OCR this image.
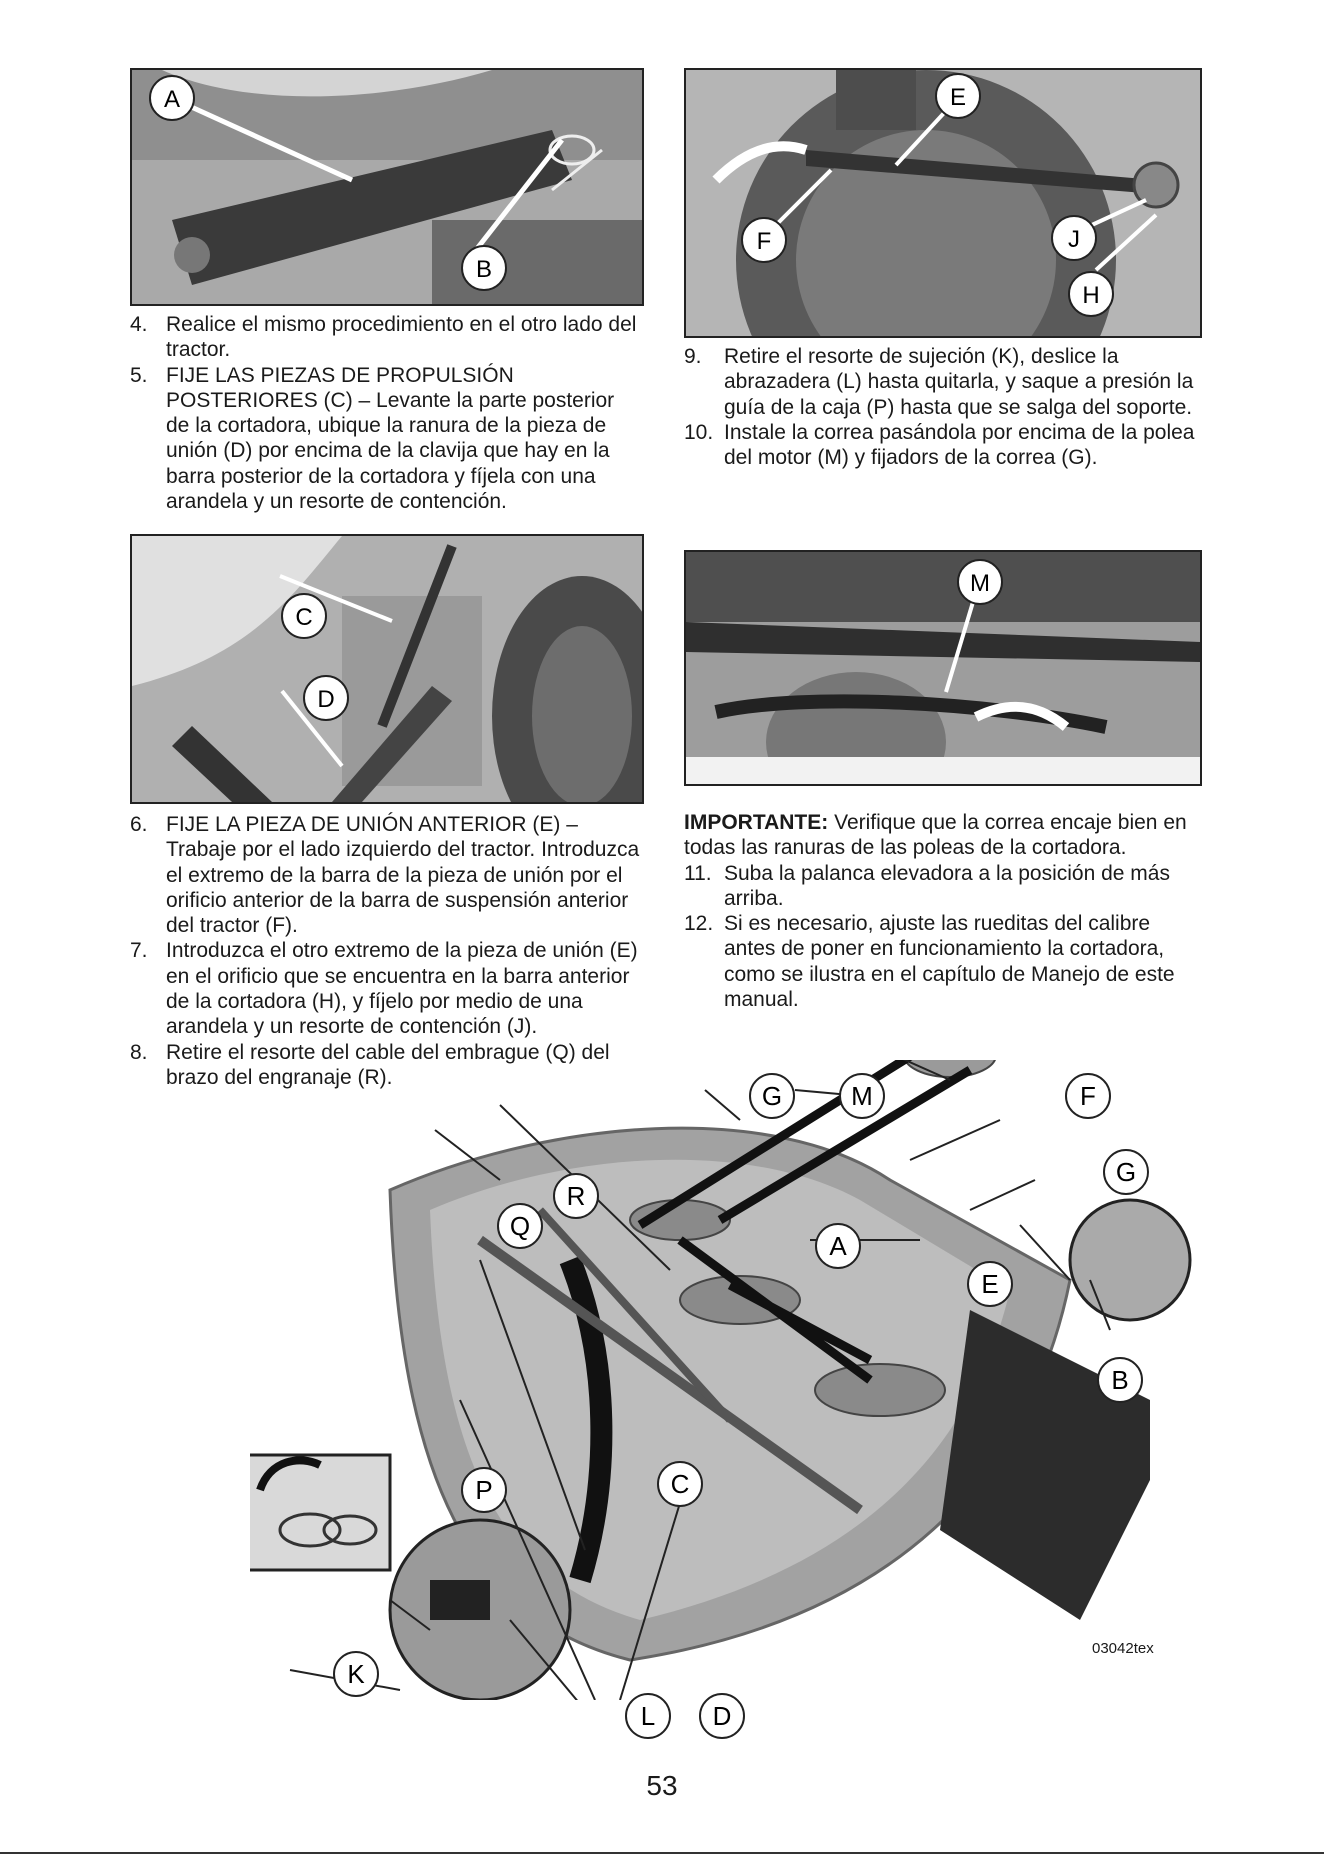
A
B
E
F	J
H
4. Realice el mismo procedimiento en el otro lado del tractor.
5. FIJE LAS PIEZAS DE PROPULSIÓN POSTERIORES (C) – Levante la parte posterior de la cortadora, ubique la ranura de la pieza de unión (D) por encima de la clavija que hay en la barra posterior de la cortadora y fíjela con una arandela y un resorte de contención.
9. Retire el resorte de sujeción (K), deslice la abrazadera (L) hasta quitarla, y saque a presión la guía de la caja (P) hasta que se salga del soporte.
10. Instale la correa pasándola por encima de la polea del motor (M) y fijadors de la correa (G).
C
D
M
6. FIJE LA PIEZA DE UNIÓN ANTERIOR (E) – Trabaje por el lado izquierdo del tractor. Introduzca el extremo de la barra de la pieza de unión por el orificio anterior de la barra de suspensión anterior del tractor (F).
7. Introduzca el otro extremo de la pieza de unión (E) en el orificio que se encuentra en la barra anterior de la cortadora (H), y fíjelo por medio de una arandela y un resorte de contención (J).
8. Retire el resorte del cable del embrague (Q) del brazo del engranaje (R).

IMPORTANTE: Verifique que la correa encaje bien en todas las ranuras de las poleas de la cortadora.

11. Suba la palanca elevadora a la posición de más arriba.
12. Si es necesario, ajuste las rueditas del calibre antes de poner en funcionamiento la cortadora, como se ilustra en el capítulo de Manejo de este manual.
G	M	F
G
R
Q
A
E
B
C
P
K
L D
03042tex
53
